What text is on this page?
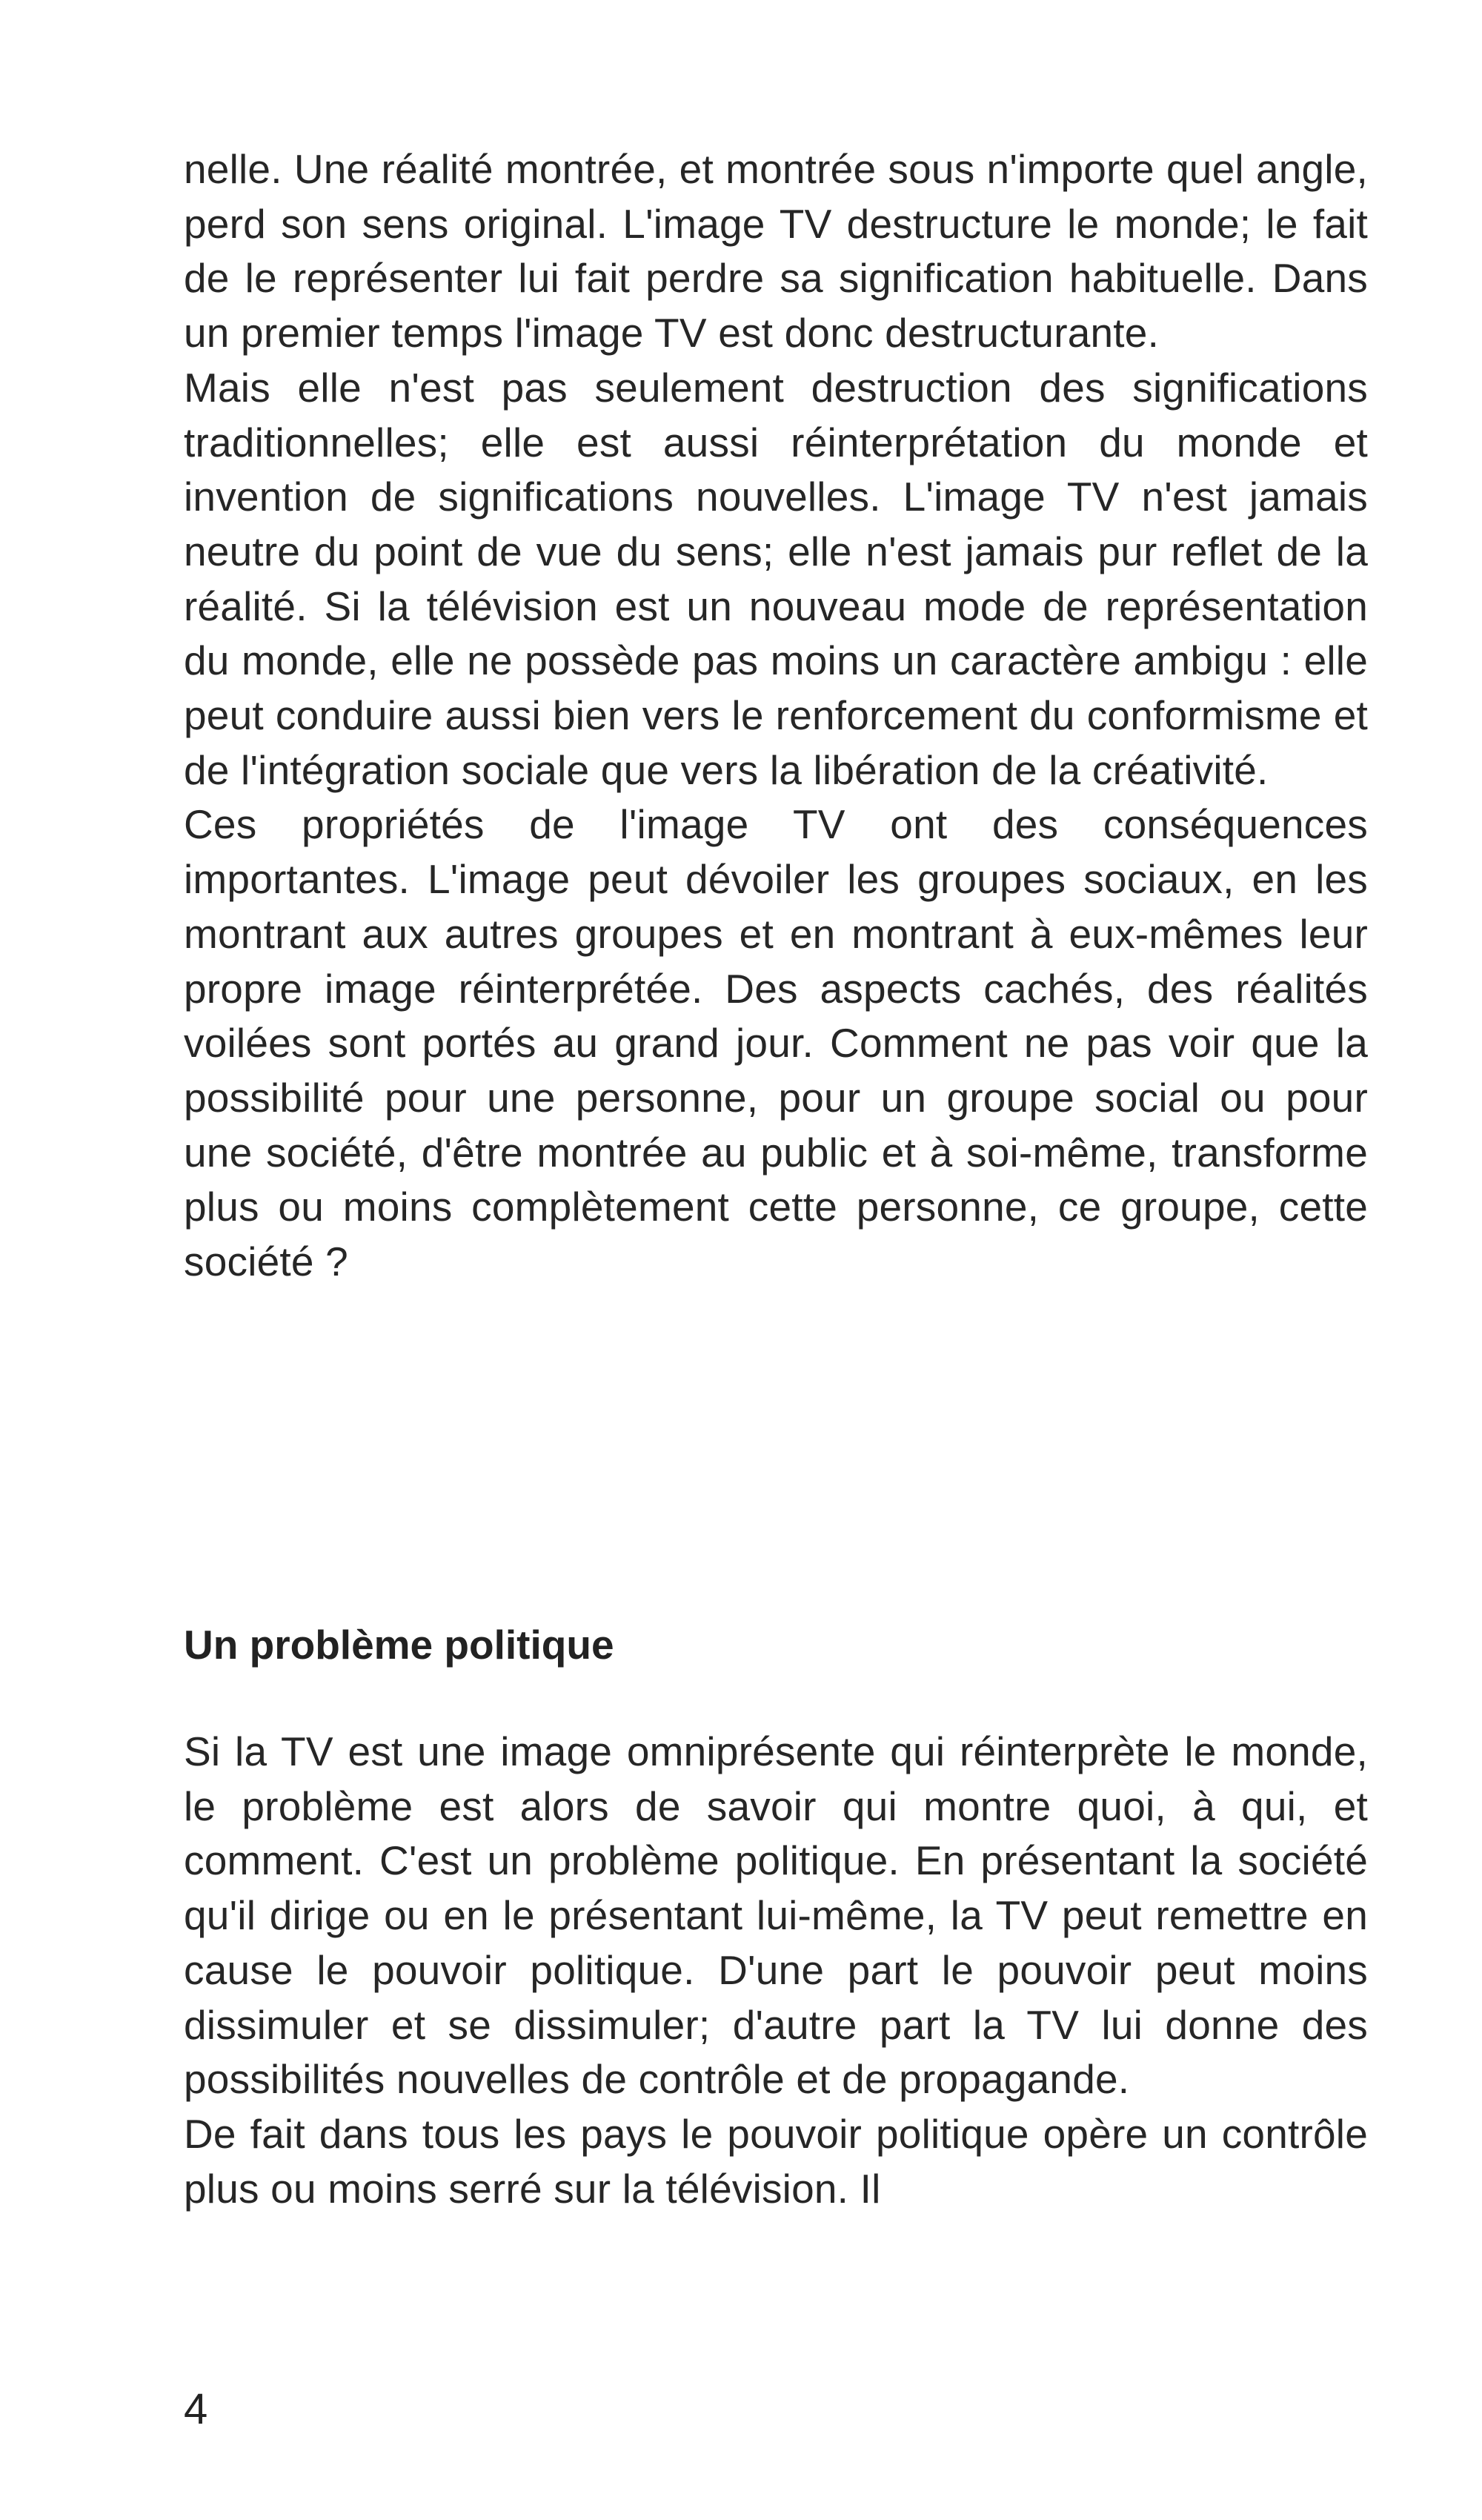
nelle. Une réalité montrée, et montrée sous n'importe quel angle, perd son sens original. L'image TV destructure le monde; le fait de le représenter lui fait perdre sa signification habituelle. Dans un premier temps l'image TV est donc destructurante.

Mais elle n'est pas seulement destruction des significations traditionnelles; elle est aussi réinterprétation du monde et invention de significations nouvelles. L'image TV n'est jamais neutre du point de vue du sens; elle n'est jamais pur reflet de la réalité. Si la télévision est un nouveau mode de représentation du monde, elle ne possède pas moins un caractère ambigu : elle peut conduire aussi bien vers le renforcement du conformisme et de l'intégration sociale que vers la libération de la créativité.

Ces propriétés de l'image TV ont des conséquences importantes. L'image peut dévoiler les groupes sociaux, en les montrant aux autres groupes et en montrant à eux-mêmes leur propre image réinterprétée. Des aspects cachés, des réalités voilées sont portés au grand jour. Comment ne pas voir que la possibilité pour une personne, pour un groupe social ou pour une société, d'être montrée au public et à soi-même, transforme plus ou moins complètement cette personne, ce groupe, cette société ?

Un problème politique

Si la TV est une image omniprésente qui réinterprète le monde, le problème est alors de savoir qui montre quoi, à qui, et comment. C'est un problème politique. En présentant la société qu'il dirige ou en le présentant lui-même, la TV peut remettre en cause le pouvoir politique. D'une part le pouvoir peut moins dissimuler et se dissimuler; d'autre part la TV lui donne des possibilités nouvelles de contrôle et de propagande.

De fait dans tous les pays le pouvoir politique opère un contrôle plus ou moins serré sur la télévision. Il

4
